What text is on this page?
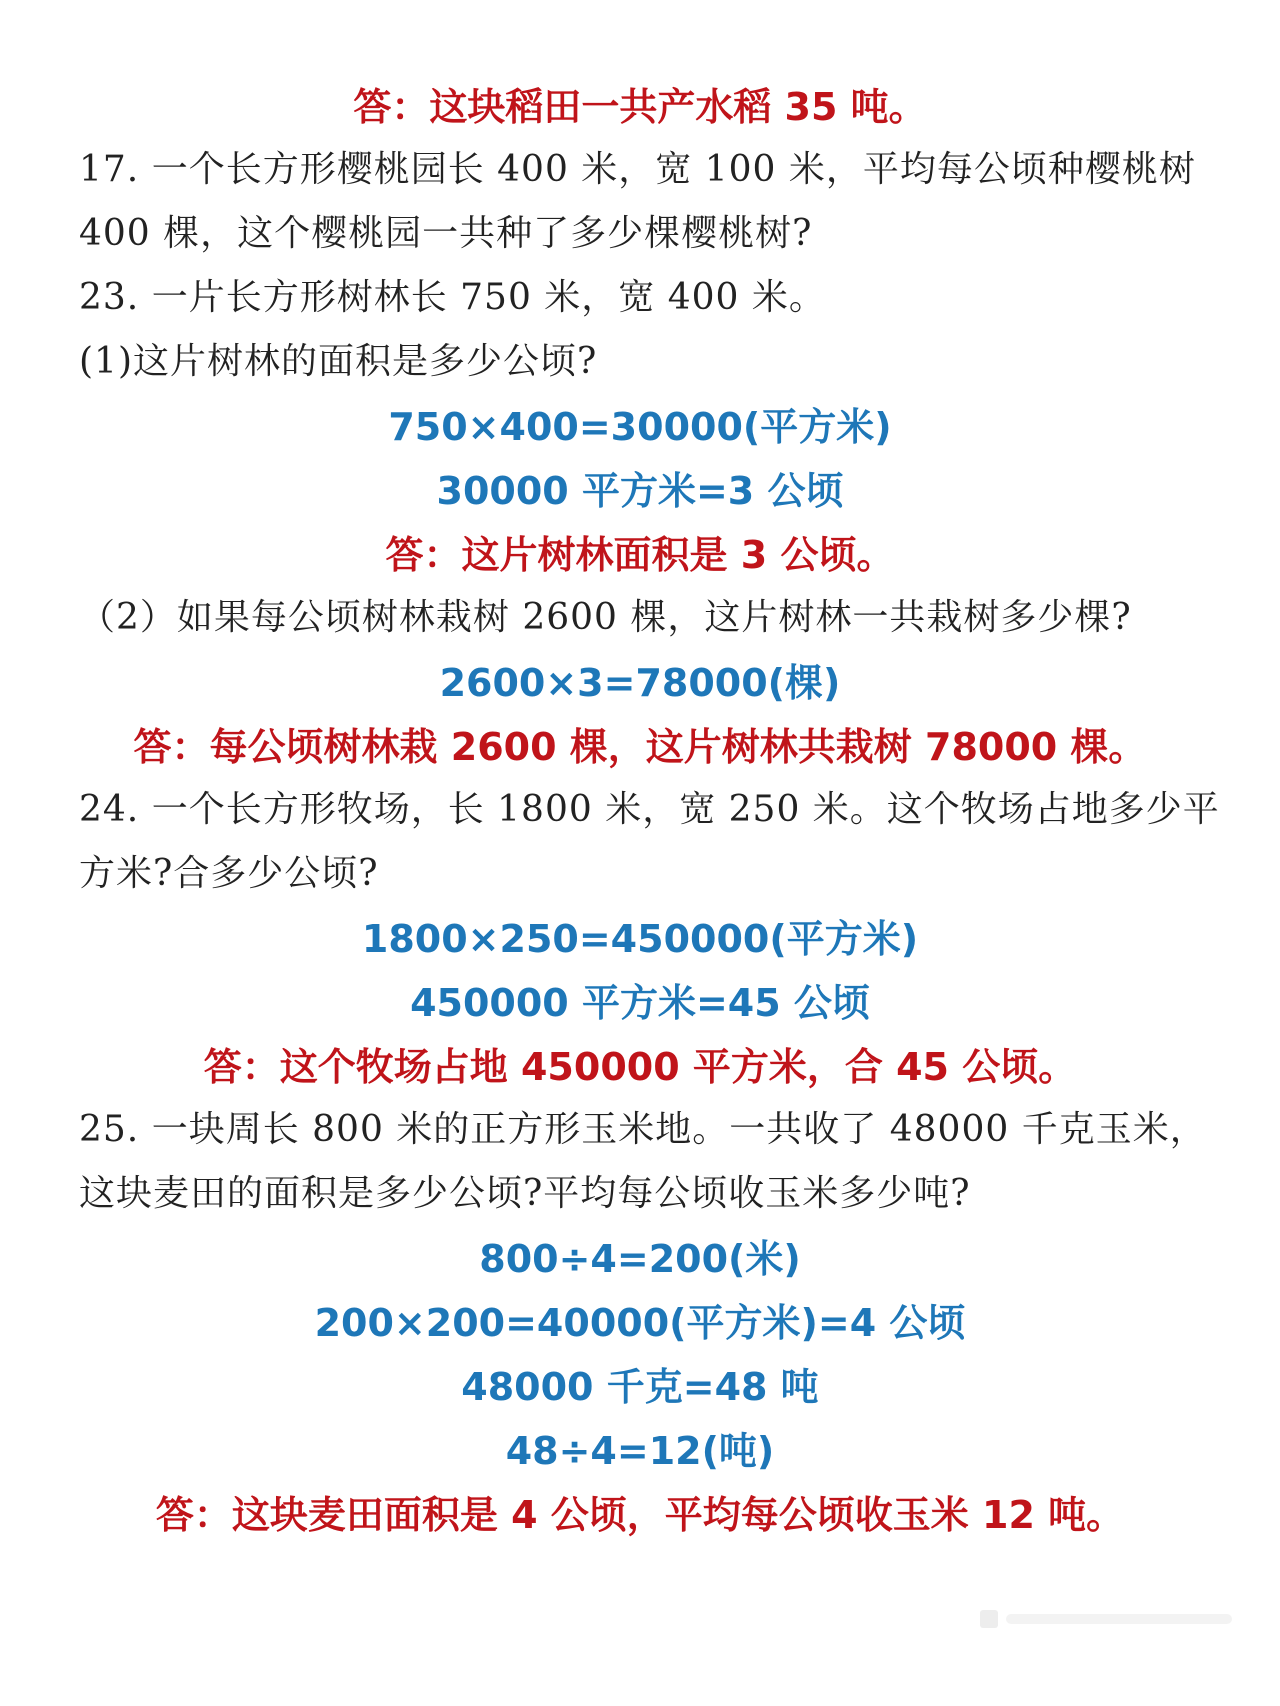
答：这块稻田一共产水稻 35 吨。
17. 一个长方形樱桃园长 400 米，宽 100 米，平均每公顷种樱桃树
400 棵，这个樱桃园一共种了多少棵樱桃树?
23. 一片长方形树林长 750 米，宽 400 米。
(1)这片树林的面积是多少公顷?
750×400=30000(平方米)
30000 平方米=3 公顷
答：这片树林面积是 3 公顷。
（2）如果每公顷树林栽树 2600 棵，这片树林一共栽树多少棵?
2600×3=78000(棵)
答：每公顷树林栽 2600 棵，这片树林共栽树 78000 棵。
24. 一个长方形牧场，长 1800 米，宽 250 米。这个牧场占地多少平
方米?合多少公顷?
1800×250=450000(平方米)
450000 平方米=45 公顷
答：这个牧场占地 450000 平方米，合 45 公顷。
25. 一块周长 800 米的正方形玉米地。一共收了 48000 千克玉米，
这块麦田的面积是多少公顷?平均每公顷收玉米多少吨?
800÷4=200(米)
200×200=40000(平方米)=4 公顷
48000 千克=48 吨
48÷4=12(吨)
答：这块麦田面积是 4 公顷，平均每公顷收玉米 12 吨。
